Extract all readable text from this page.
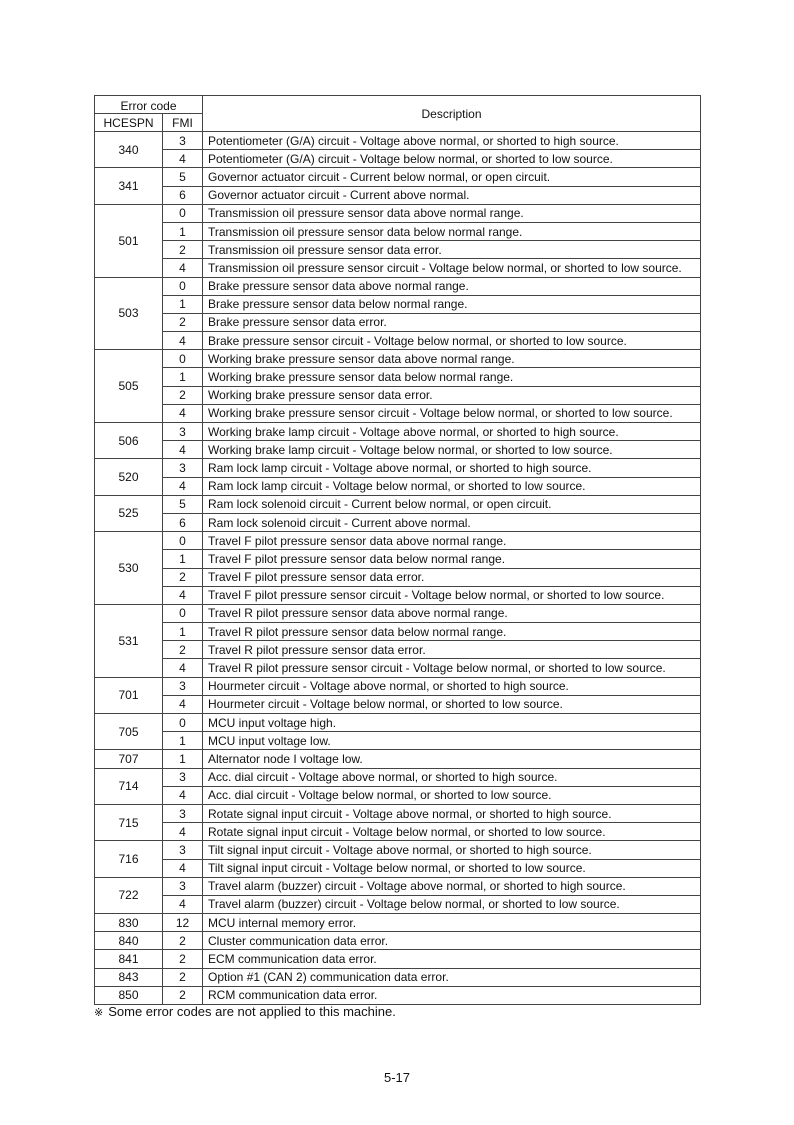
Error code		Description
HCESPN	FMI	
340	3	Potentiometer (G/A) circuit - Voltage above normal, or shorted to high source.
	4	Potentiometer (G/A) circuit - Voltage below normal, or shorted to low source.
341	5	Governor actuator circuit - Current below normal, or open circuit.
	6	Governor actuator circuit - Current above normal.
501	0	Transmission oil pressure sensor data above normal range.
	1	Transmission oil pressure sensor data below normal range.
	2	Transmission oil pressure sensor data error.
	4	Transmission oil pressure sensor circuit - Voltage below normal, or shorted to low source.
503	0	Brake pressure sensor data above normal range.
	1	Brake pressure sensor data below normal range.
	2	Brake pressure sensor data error.
	4	Brake pressure sensor circuit - Voltage below normal, or shorted to low source.
505	0	Working brake pressure sensor data above normal range.
	1	Working brake pressure sensor data below normal range.
	2	Working brake pressure sensor data error.
	4	Working brake pressure sensor circuit - Voltage below normal, or shorted to low source.
506	3	Working brake lamp circuit - Voltage above normal, or shorted to high source.
	4	Working brake lamp circuit - Voltage below normal, or shorted to low source.
520	3	Ram lock lamp circuit - Voltage above normal, or shorted to high source.
	4	Ram lock lamp circuit - Voltage below normal, or shorted to low source.
525	5	Ram lock solenoid circuit - Current below normal, or open circuit.
	6	Ram lock solenoid circuit - Current above normal.
530	0	Travel F pilot pressure sensor data above normal range.
	1	Travel F pilot pressure sensor data below normal range.
	2	Travel F pilot pressure sensor data error.
	4	Travel F pilot pressure sensor circuit - Voltage below normal, or shorted to low source.
531	0	Travel R pilot pressure sensor data above normal range.
	1	Travel R pilot pressure sensor data below normal range.
	2	Travel R pilot pressure sensor data error.
	4	Travel R pilot pressure sensor circuit - Voltage below normal, or shorted to low source.
701	3	Hourmeter circuit - Voltage above normal, or shorted to high source.
	4	Hourmeter circuit - Voltage below normal, or shorted to low source.
705	0	MCU input voltage high.
	1	MCU input voltage low.
707	1	Alternator node I voltage low.
714	3	Acc. dial circuit - Voltage above normal, or shorted to high source.
	4	Acc. dial circuit - Voltage below normal, or shorted to low source.
715	3	Rotate signal input circuit - Voltage above normal, or shorted to high source.
	4	Rotate signal input circuit - Voltage below normal, or shorted to low source.
716	3	Tilt signal input circuit - Voltage above normal, or shorted to high source.
	4	Tilt signal input circuit - Voltage below normal, or shorted to low source.
722	3	Travel alarm (buzzer) circuit - Voltage above normal, or shorted to high source.
	4	Travel alarm (buzzer) circuit - Voltage below normal, or shorted to low source.
830	12	MCU internal memory error.
840	2	Cluster communication data error.
841	2	ECM communication data error.
843	2	Option #1 (CAN 2) communication data error.
850	2	RCM communication data error.
※ Some error codes are not applied to this machine.
5-17
